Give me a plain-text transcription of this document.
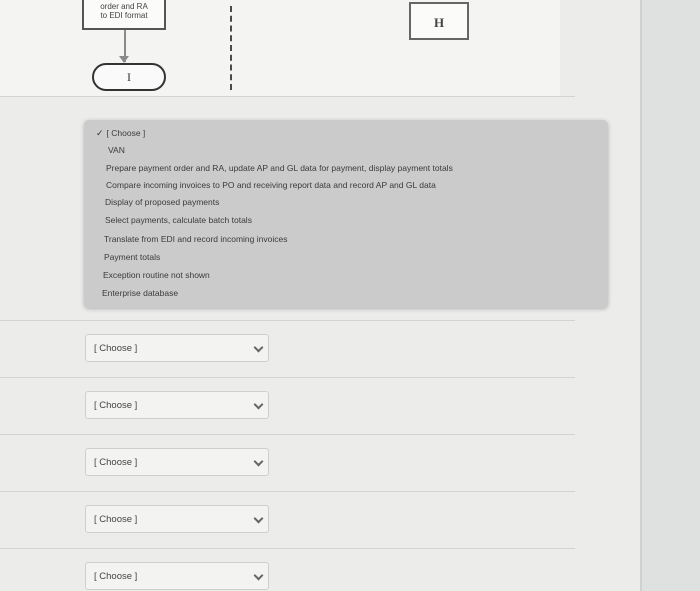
order and RA
to EDI format
I
H
✓ [ Choose ]
VAN
Prepare payment order and RA, update AP and GL data for payment, display payment totals
Compare incoming invoices to PO and receiving report data and record AP and GL data
Display of proposed payments
Select payments, calculate batch totals
Translate from EDI and record incoming invoices
Payment totals
Exception routine not shown
Enterprise database
[ Choose ]
[ Choose ]
[ Choose ]
[ Choose ]
[ Choose ]
